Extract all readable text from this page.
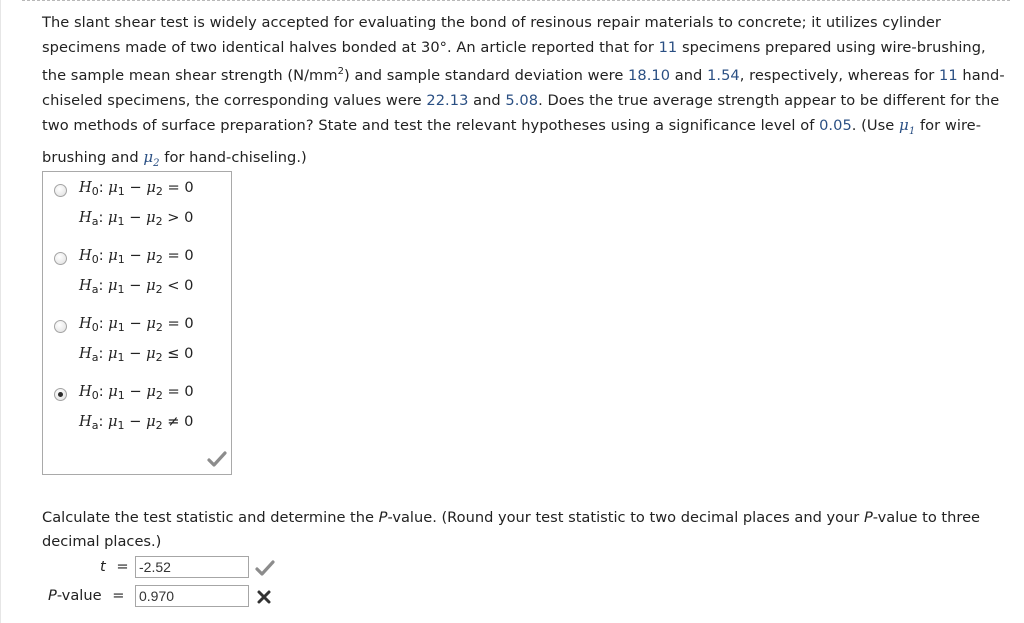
The slant shear test is widely accepted for evaluating the bond of resinous repair materials to concrete; it utilizes cylinder specimens made of two identical halves bonded at 30°. An article reported that for 11 specimens prepared using wire-brushing, the sample mean shear strength $(N/mm^2)$ and sample standard deviation were 18.10 and 1.54, respectively, whereas for 11 hand-chiseled specimens, the corresponding values were 22.13 and 5.08. Does the true average strength appear to be different for the two methods of surface preparation? State and test the relevant hypotheses using a significance level of 0.05. (Use $\mu_1$ for wire-brushing and $\mu_2$ for hand-chiseling.)
$H_0$: $\mu_1 - \mu_2 = 0$
$H_a$: $\mu_1 - \mu_2 > 0$
$H_0$: $\mu_1 - \mu_2 = 0$
$H_a$: $\mu_1 - \mu_2 < 0$
$H_0$: $\mu_1 - \mu_2 = 0$
$H_a$: $\mu_1 - \mu_2 \le 0$
$H_0$: $\mu_1 - \mu_2 = 0$
$H_a$: $\mu_1 - \mu_2 \ne 0$
Calculate the test statistic and determine the P-value. (Round your test statistic to two decimal places and your P-value to three decimal places.)
t =
-2.52
P-value =
0.970
